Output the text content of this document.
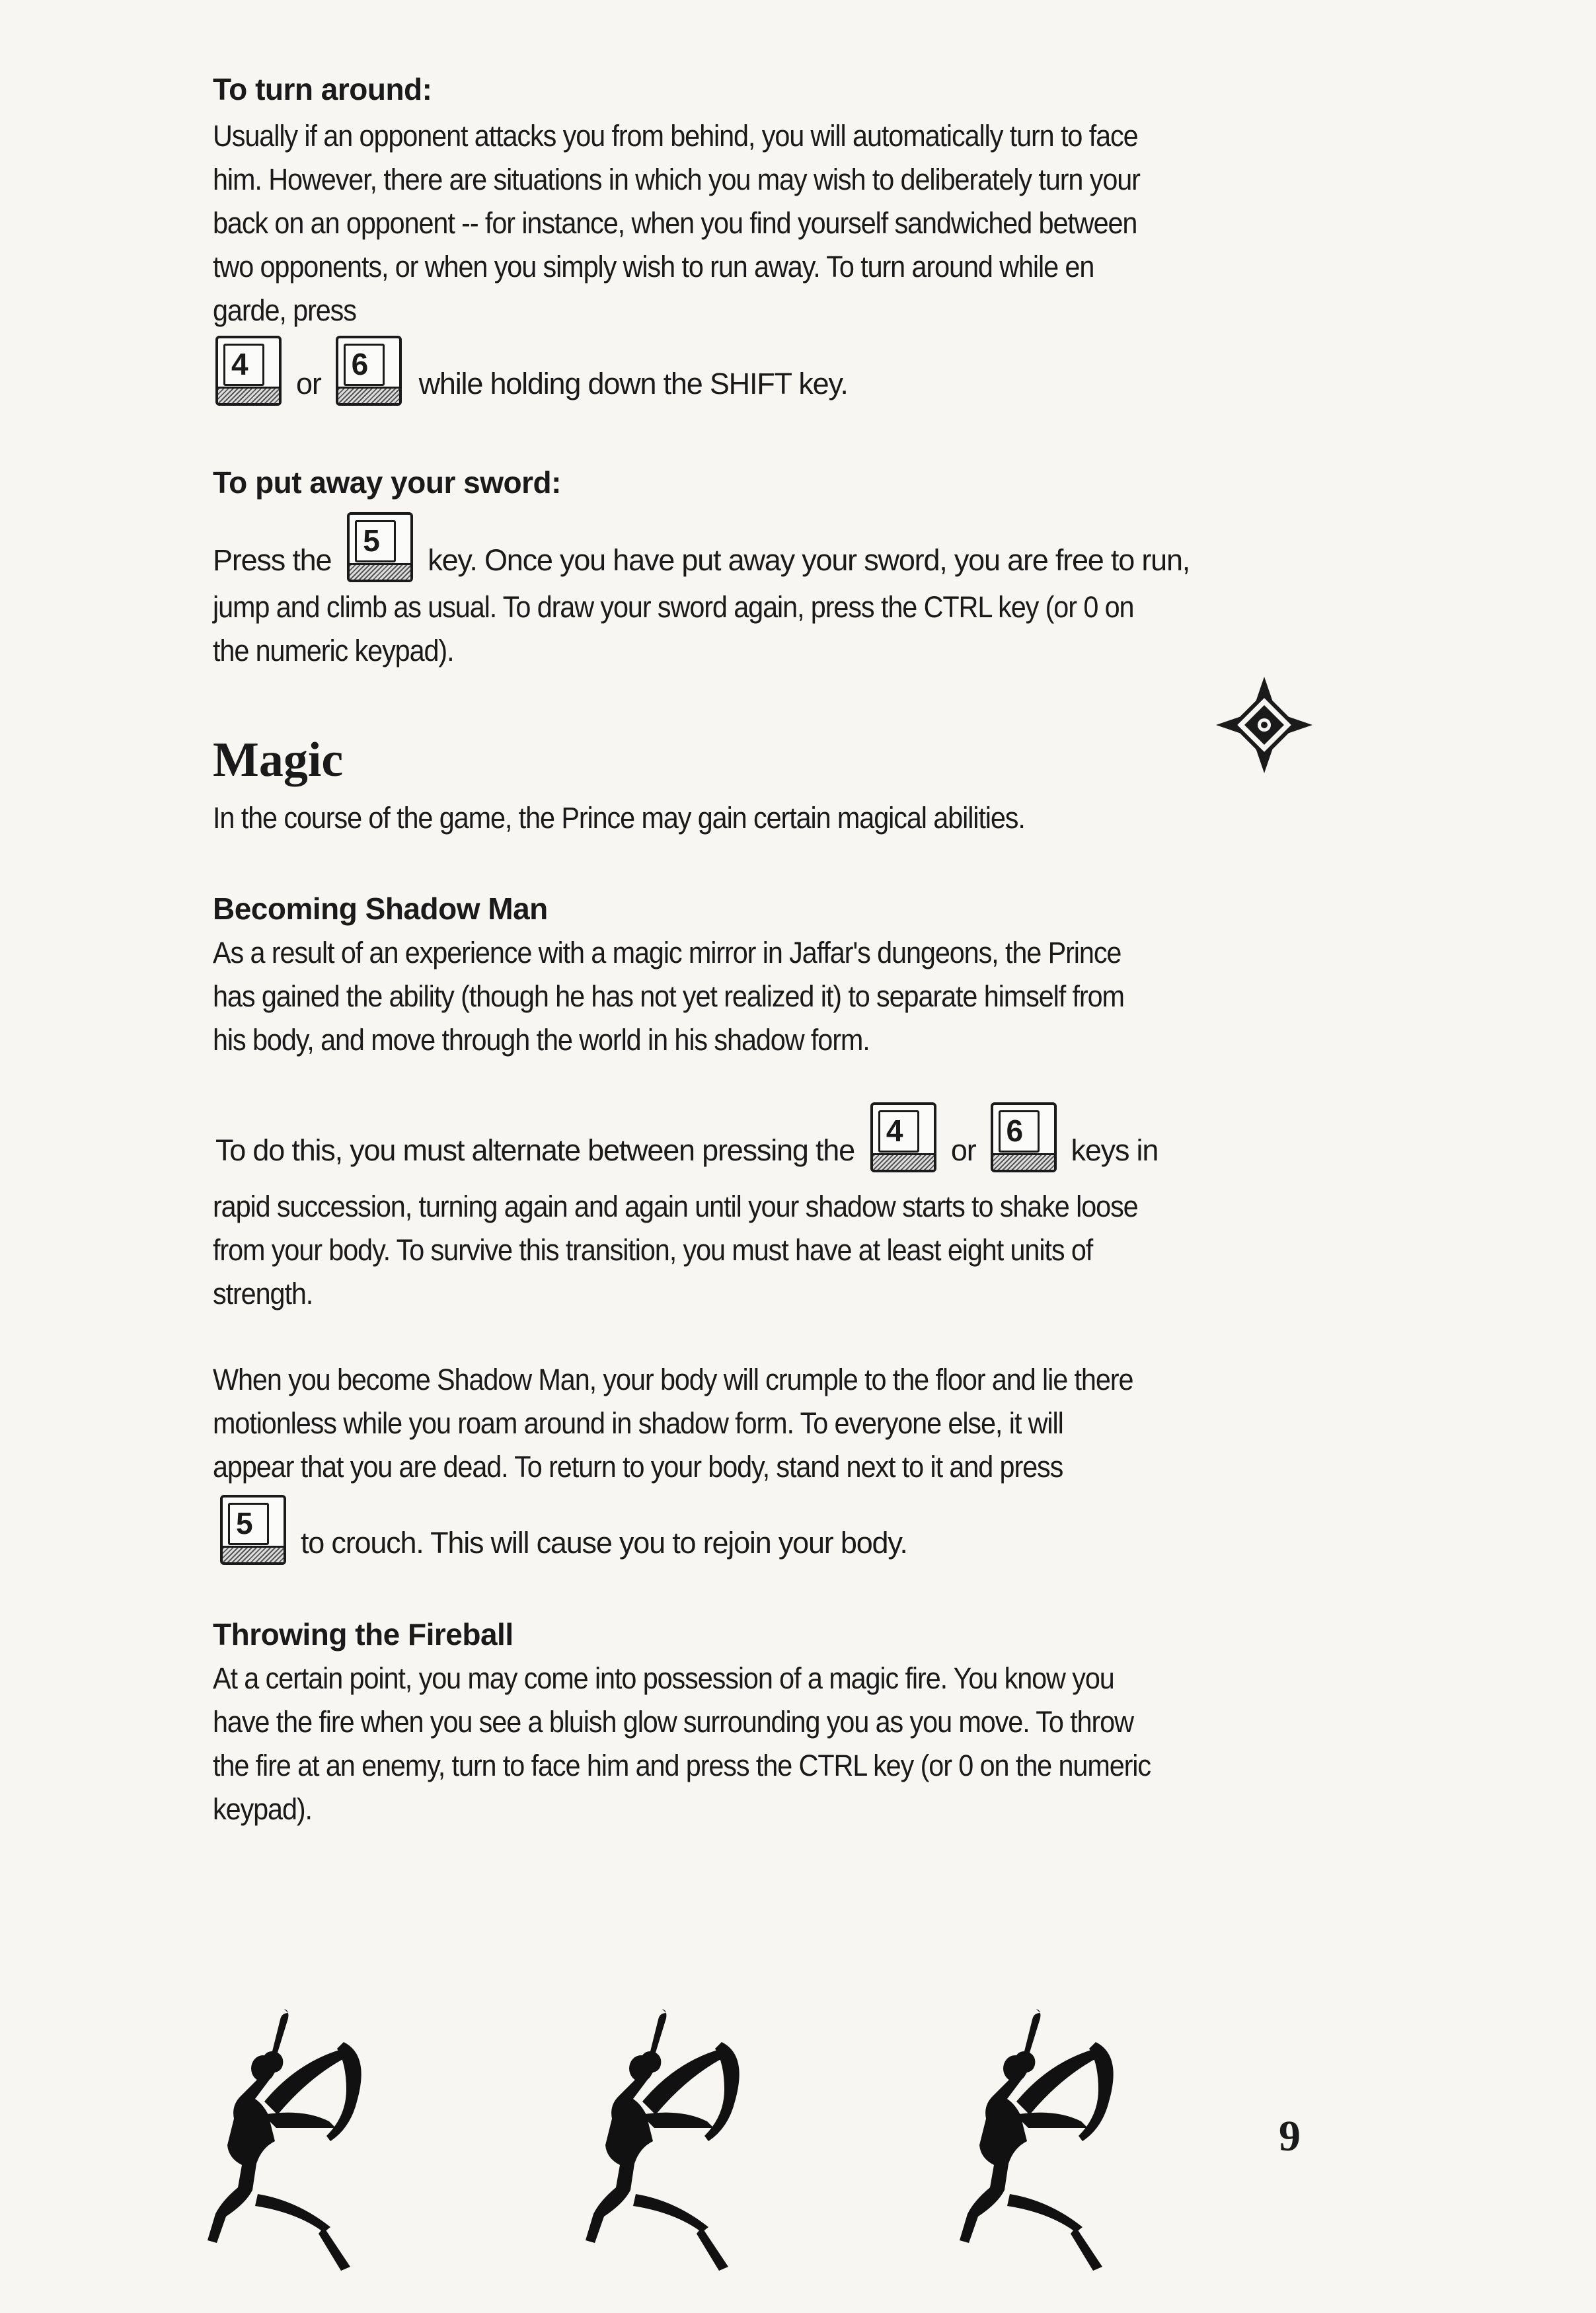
To turn around:
Usually if an opponent attacks you from behind, you will automatically turn to face
him. However, there are situations in which you may wish to deliberately turn your
back on an opponent -- for instance, when you find yourself sandwiched between
two opponents, or when you simply wish to run away. To turn around while en
garde, press
4
or
6
while holding down the SHIFT key.
To put away your sword:
Press the
5
key. Once you have put away your sword, you are free to run,
jump and climb as usual. To draw your sword again, press the CTRL key (or 0 on
the numeric keypad).
Magic
In the course of the game, the Prince may gain certain magical abilities.
Becoming Shadow Man
As a result of an experience with a magic mirror in Jaffar's dungeons, the Prince
has gained the ability (though he has not yet realized it) to separate himself from
his body, and move through the world in his shadow form.
To do this, you must alternate between pressing the
4
or
6
keys in
rapid succession, turning again and again until your shadow starts to shake loose
from your body. To survive this transition, you must have at least eight units of
strength.
When you become Shadow Man, your body will crumple to the floor and lie there
motionless while you roam around in shadow form. To everyone else, it will
appear that you are dead. To return to your body, stand next to it and press
5
to crouch. This will cause you to rejoin your body.
Throwing the Fireball
At a certain point, you may come into possession of a magic fire. You know you
have the fire when you see a bluish glow surrounding you as you move. To throw
the fire at an enemy, turn to face him and press the CTRL key (or 0 on the numeric
keypad).
9
